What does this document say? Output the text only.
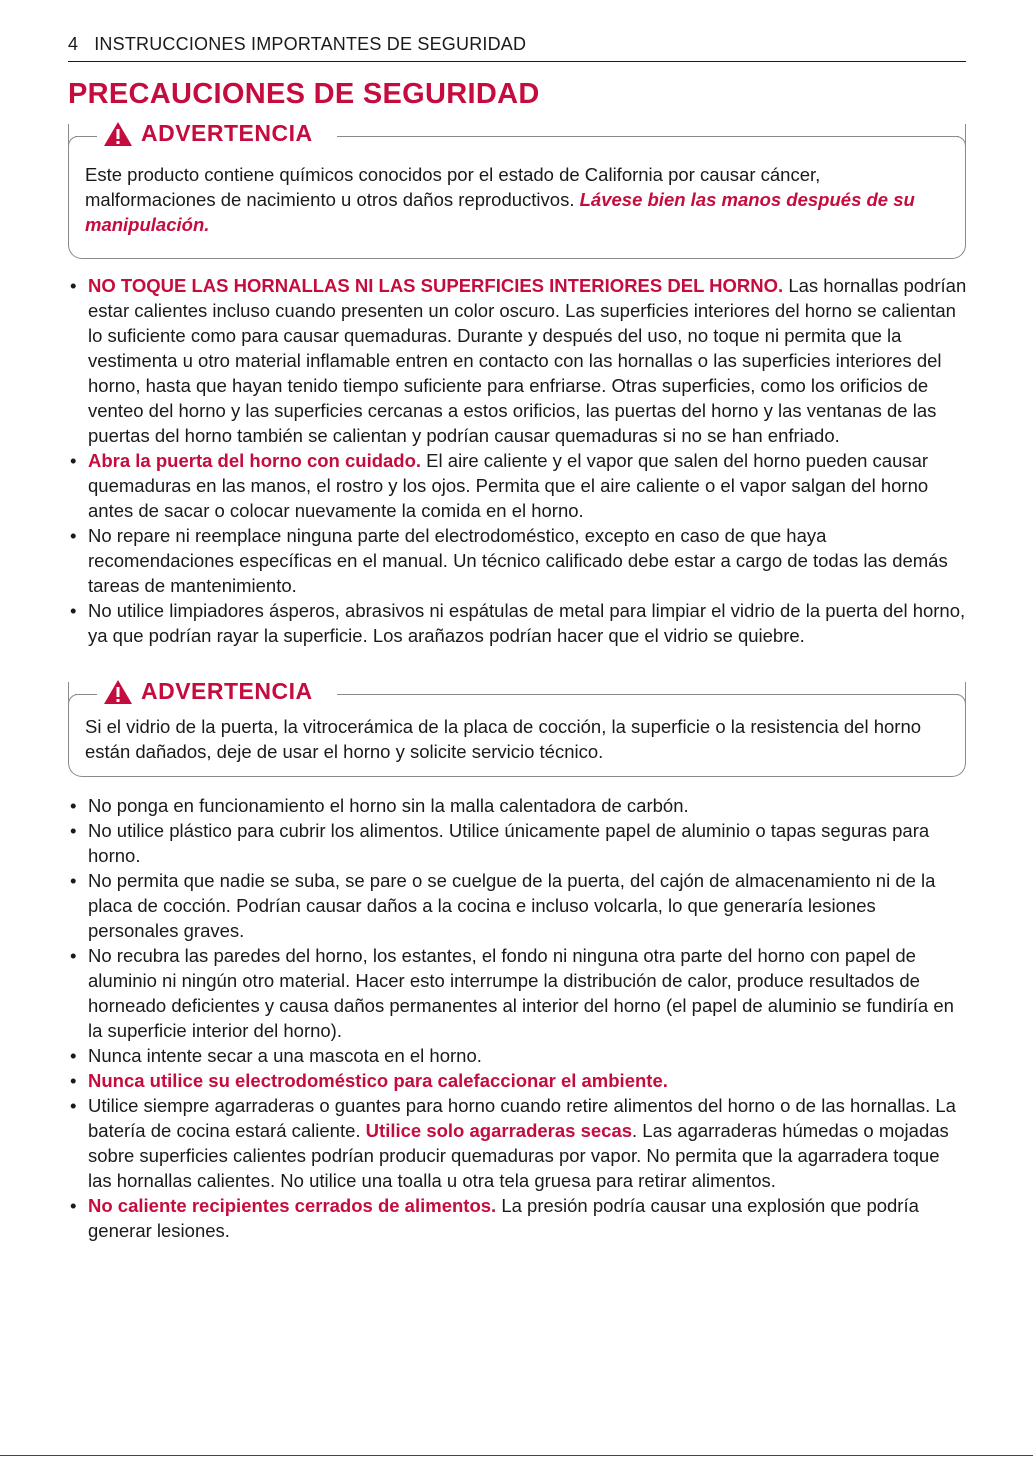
4 INSTRUCCIONES IMPORTANTES DE SEGURIDAD
PRECAUCIONES DE SEGURIDAD
ADVERTENCIA
Este producto contiene químicos conocidos por el estado de California por causar cáncer, malformaciones de nacimiento u otros daños reproductivos. Lávese bien las manos después de su manipulación.
• NO TOQUE LAS HORNALLAS NI LAS SUPERFICIES INTERIORES DEL HORNO. Las hornallas podrían estar calientes incluso cuando presenten un color oscuro. Las superficies interiores del horno se calientan lo suficiente como para causar quemaduras. Durante y después del uso, no toque ni permita que la vestimenta u otro material inflamable entren en contacto con las hornallas o las superficies interiores del horno, hasta que hayan tenido tiempo suficiente para enfriarse. Otras superficies, como los orificios de venteo del horno y las superficies cercanas a estos orificios, las puertas del horno y las ventanas de las puertas del horno también se calientan y podrían causar quemaduras si no se han enfriado.
• Abra la puerta del horno con cuidado. El aire caliente y el vapor que salen del horno pueden causar quemaduras en las manos, el rostro y los ojos. Permita que el aire caliente o el vapor salgan del horno antes de sacar o colocar nuevamente la comida en el horno.
• No repare ni reemplace ninguna parte del electrodoméstico, excepto en caso de que haya recomendaciones específicas en el manual. Un técnico calificado debe estar a cargo de todas las demás tareas de mantenimiento.
• No utilice limpiadores ásperos, abrasivos ni espátulas de metal para limpiar el vidrio de la puerta del horno, ya que podrían rayar la superficie. Los arañazos podrían hacer que el vidrio se quiebre.
ADVERTENCIA
Si el vidrio de la puerta, la vitrocerámica de la placa de cocción, la superficie o la resistencia del horno están dañados, deje de usar el horno y solicite servicio técnico.
• No ponga en funcionamiento el horno sin la malla calentadora de carbón.
• No utilice plástico para cubrir los alimentos. Utilice únicamente papel de aluminio o tapas seguras para horno.
• No permita que nadie se suba, se pare o se cuelgue de la puerta, del cajón de almacenamiento ni de la placa de cocción. Podrían causar daños a la cocina e incluso volcarla, lo que generaría lesiones personales graves.
• No recubra las paredes del horno, los estantes, el fondo ni ninguna otra parte del horno con papel de aluminio ni ningún otro material. Hacer esto interrumpe la distribución de calor, produce resultados de horneado deficientes y causa daños permanentes al interior del horno (el papel de aluminio se fundiría en la superficie interior del horno).
• Nunca intente secar a una mascota en el horno.
• Nunca utilice su electrodoméstico para calefaccionar el ambiente.
• Utilice siempre agarraderas o guantes para horno cuando retire alimentos del horno o de las hornallas. La batería de cocina estará caliente. Utilice solo agarraderas secas. Las agarraderas húmedas o mojadas sobre superficies calientes podrían producir quemaduras por vapor. No permita que la agarradera toque las hornallas calientes. No utilice una toalla u otra tela gruesa para retirar alimentos.
• No caliente recipientes cerrados de alimentos. La presión podría causar una explosión que podría generar lesiones.
